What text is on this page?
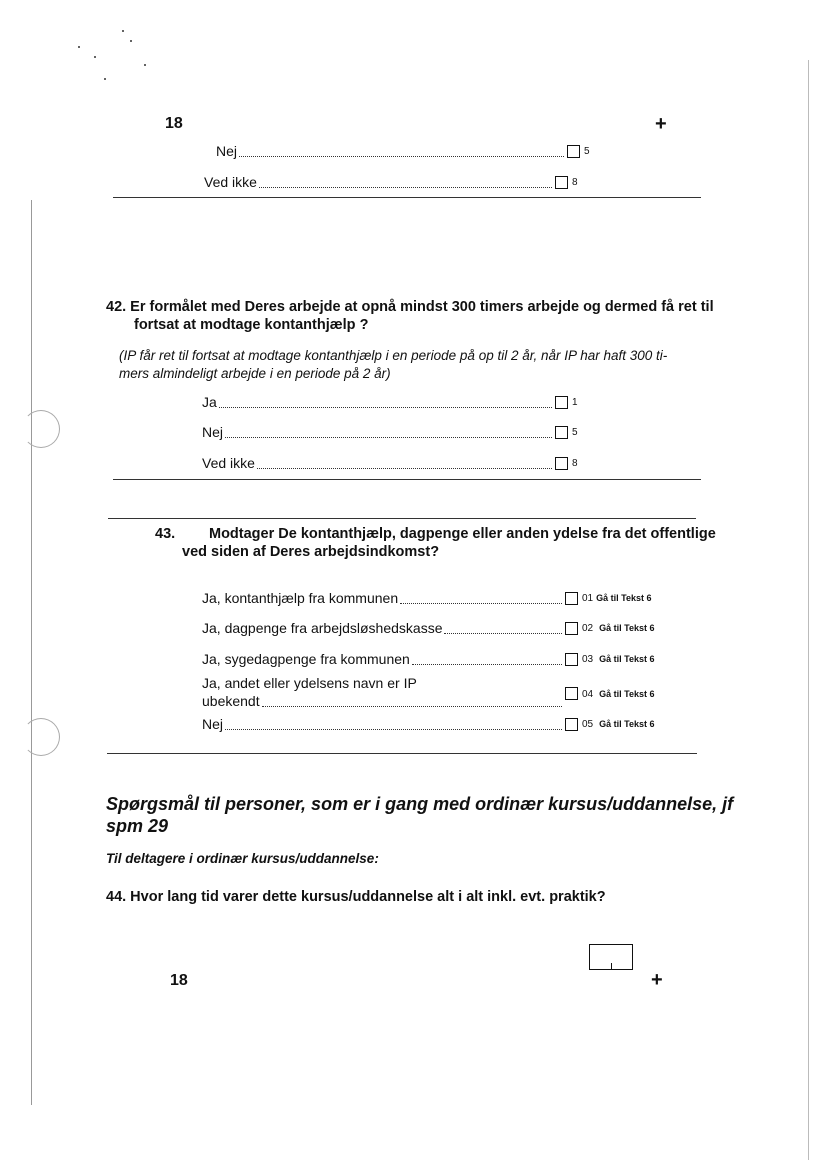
18	+
Nej	5
Ved ikke	8
42. Er formålet med Deres arbejde at opnå mindst 300 timers arbejde og dermed få ret til
fortsat at modtage kontanthjælp ?
(IP får ret til fortsat at modtage kontanthjælp i en periode på op til 2 år, når IP har haft 300 ti-
mers almindeligt arbejde i en periode på 2 år)
Ja	1
Nej	5
Ved ikke	8
43. Modtager De kontanthjælp, dagpenge eller anden ydelse fra det offentlige
ved siden af Deres arbejdsindkomst?
Ja, kontanthjælp fra kommunen	01 Gå til Tekst 6
Ja, dagpenge fra arbejdsløshedskasse	02 Gå til Tekst 6
Ja, sygedagpenge fra kommunen	03 Gå til Tekst 6
Ja, andet eller ydelsens navn er IP
ubekendt	04 Gå til Tekst 6
Nej	05 Gå til Tekst 6
Spørgsmål til personer, som er i gang med ordinær kursus/uddannelse, jf
spm 29
Til deltagere i ordinær kursus/uddannelse:
44. Hvor lang tid varer dette kursus/uddannelse alt i alt inkl. evt. praktik?
18	+
